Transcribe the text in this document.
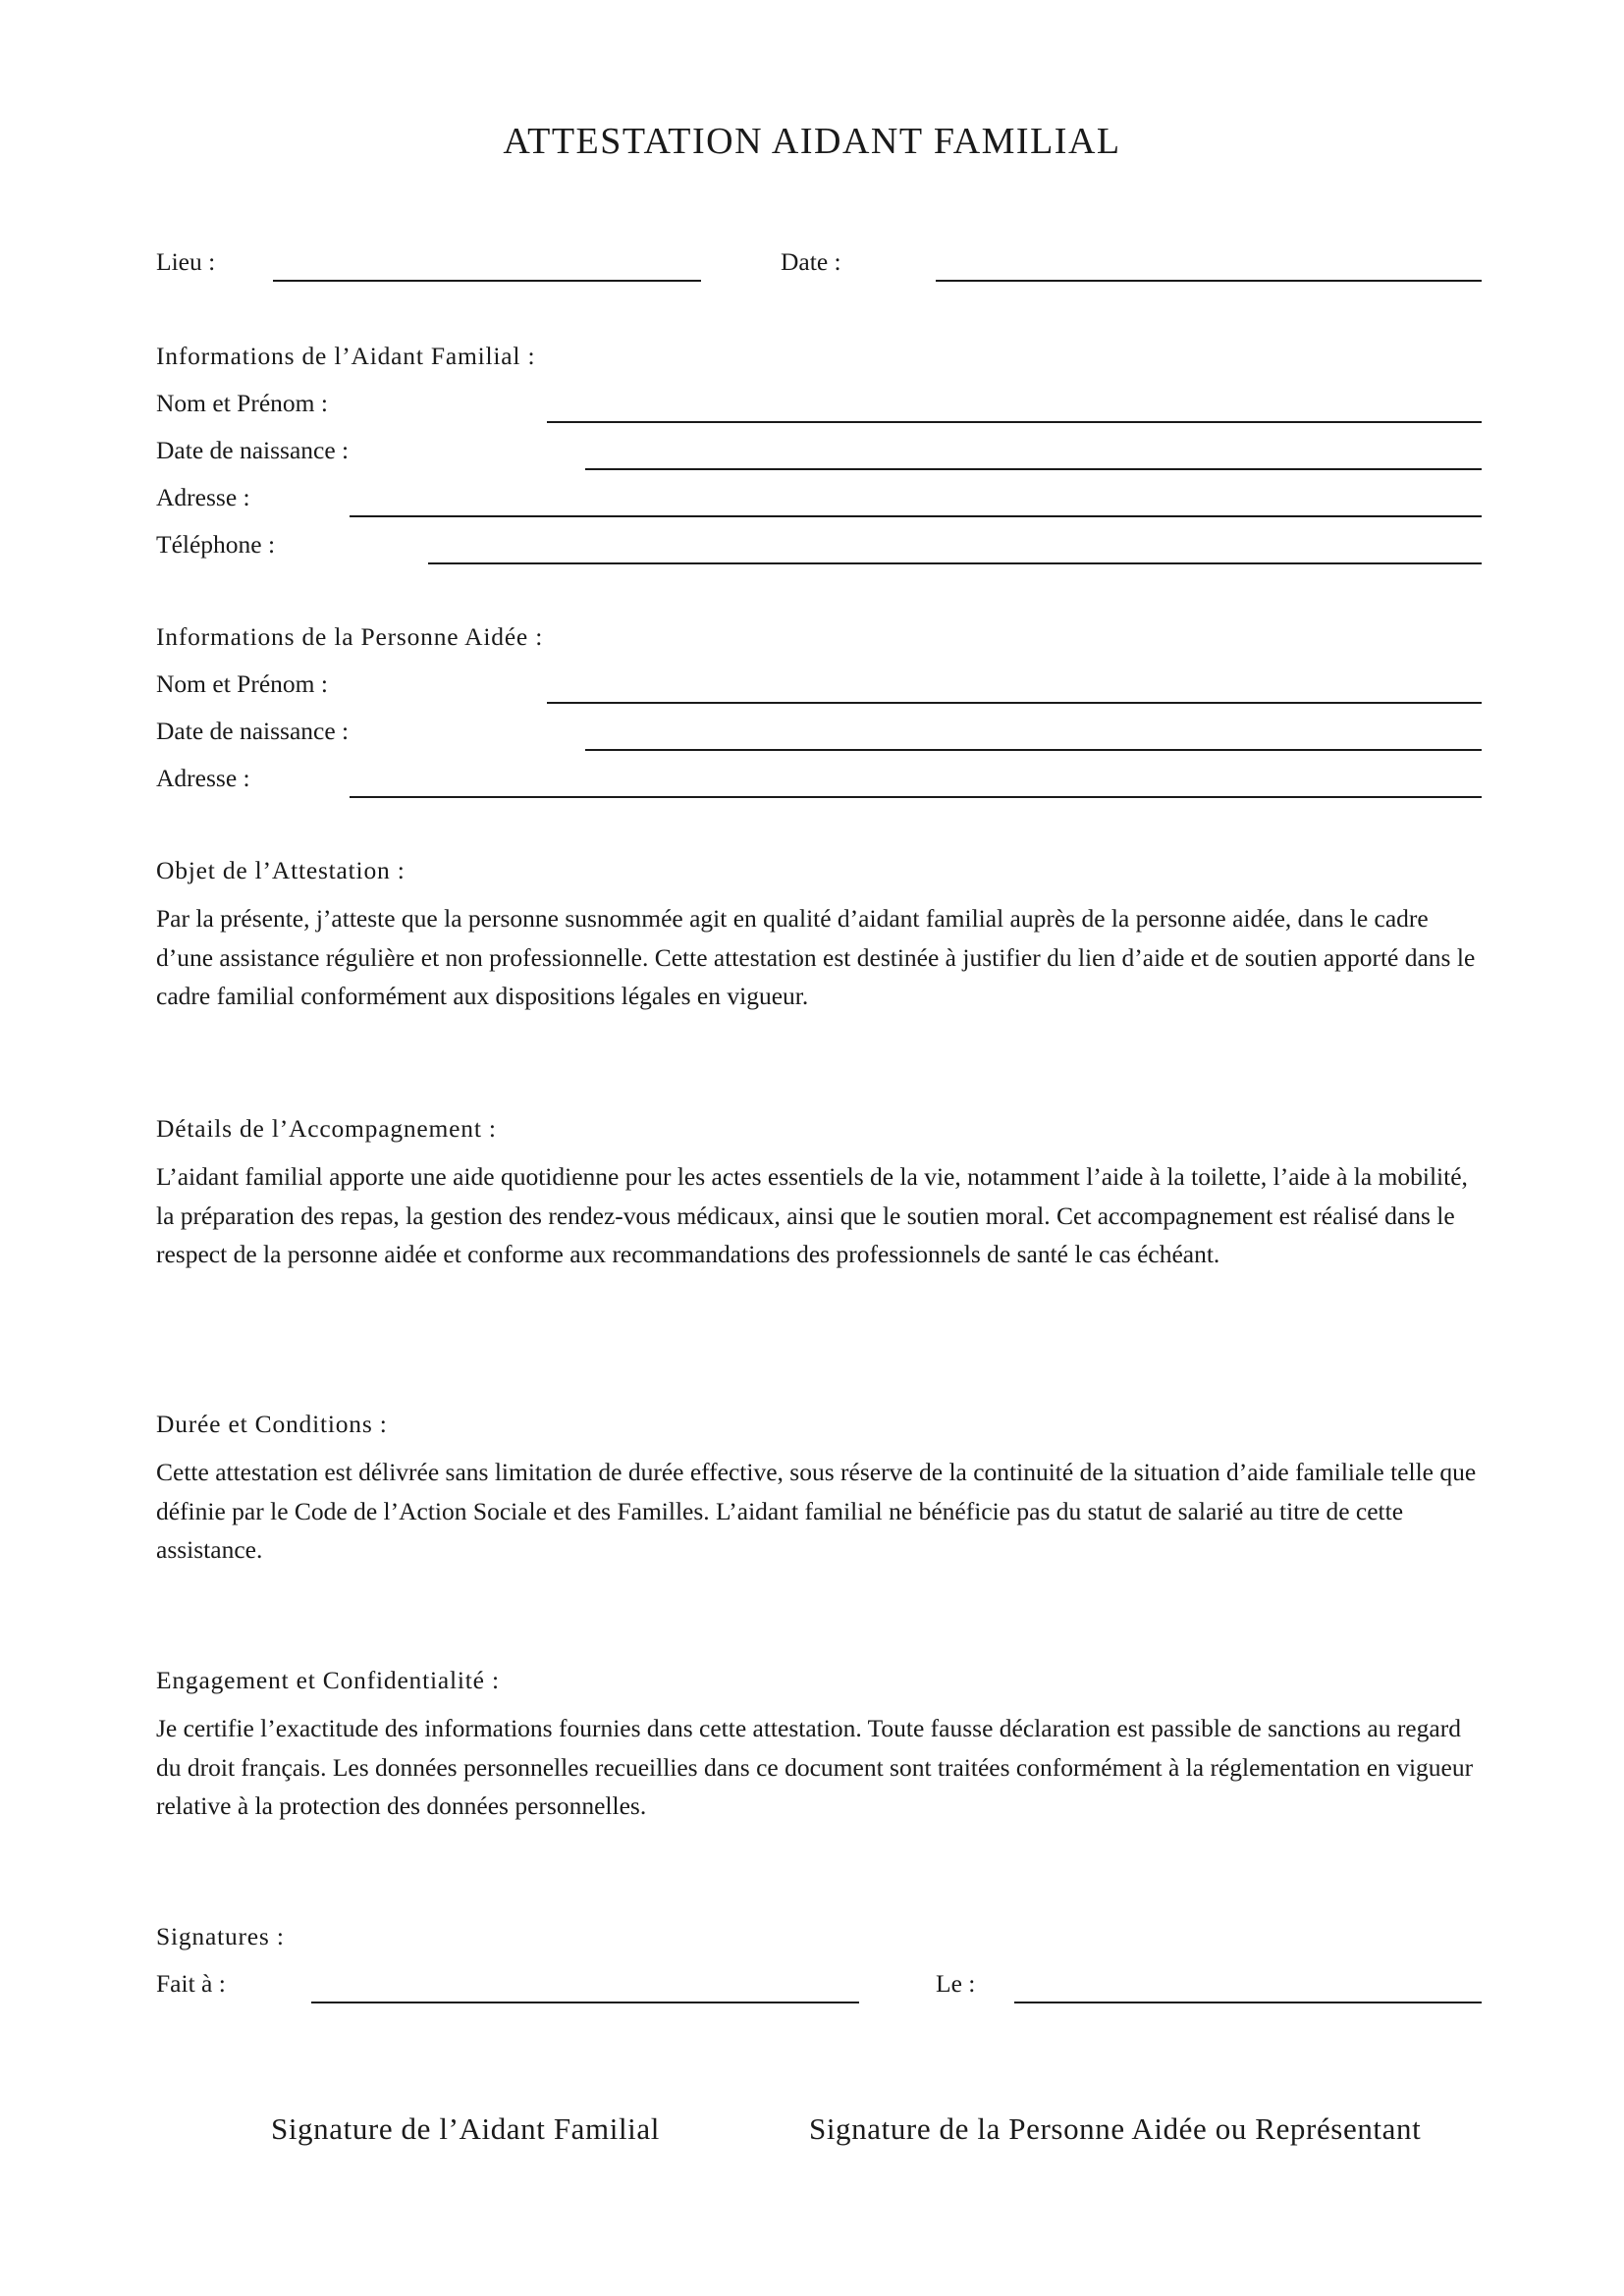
ATTESTATION AIDANT FAMILIAL
Lieu :	Date :
Informations de l’Aidant Familial :
Nom et Prénom :
Date de naissance :
Adresse :
Téléphone :
Informations de la Personne Aidée :
Nom et Prénom :
Date de naissance :
Adresse :
Objet de l’Attestation :

Par la présente, j’atteste que la personne susnommée agit en qualité d’aidant familial auprès de la personne aidée, dans le cadre d’une assistance régulière et non professionnelle. Cette attestation est destinée à justifier du lien d’aide et de soutien apporté dans le cadre familial conformément aux dispositions légales en vigueur.

Détails de l’Accompagnement :

L’aidant familial apporte une aide quotidienne pour les actes essentiels de la vie, notamment l’aide à la toilette, l’aide à la mobilité, la préparation des repas, la gestion des rendez-vous médicaux, ainsi que le soutien moral. Cet accompagnement est réalisé dans le respect de la personne aidée et conforme aux recommandations des professionnels de santé le cas échéant.

Durée et Conditions :

Cette attestation est délivrée sans limitation de durée effective, sous réserve de la continuité de la situation d’aide familiale telle que définie par le Code de l’Action Sociale et des Familles. L’aidant familial ne bénéficie pas du statut de salarié au titre de cette assistance.

Engagement et Confidentialité :

Je certifie l’exactitude des informations fournies dans cette attestation. Toute fausse déclaration est passible de sanctions au regard du droit français. Les données personnelles recueillies dans ce document sont traitées conformément à la réglementation en vigueur relative à la protection des données personnelles.

Signatures :
Fait à :	Le :
Signature de l’Aidant Familial	Signature de la Personne Aidée ou Représentant
